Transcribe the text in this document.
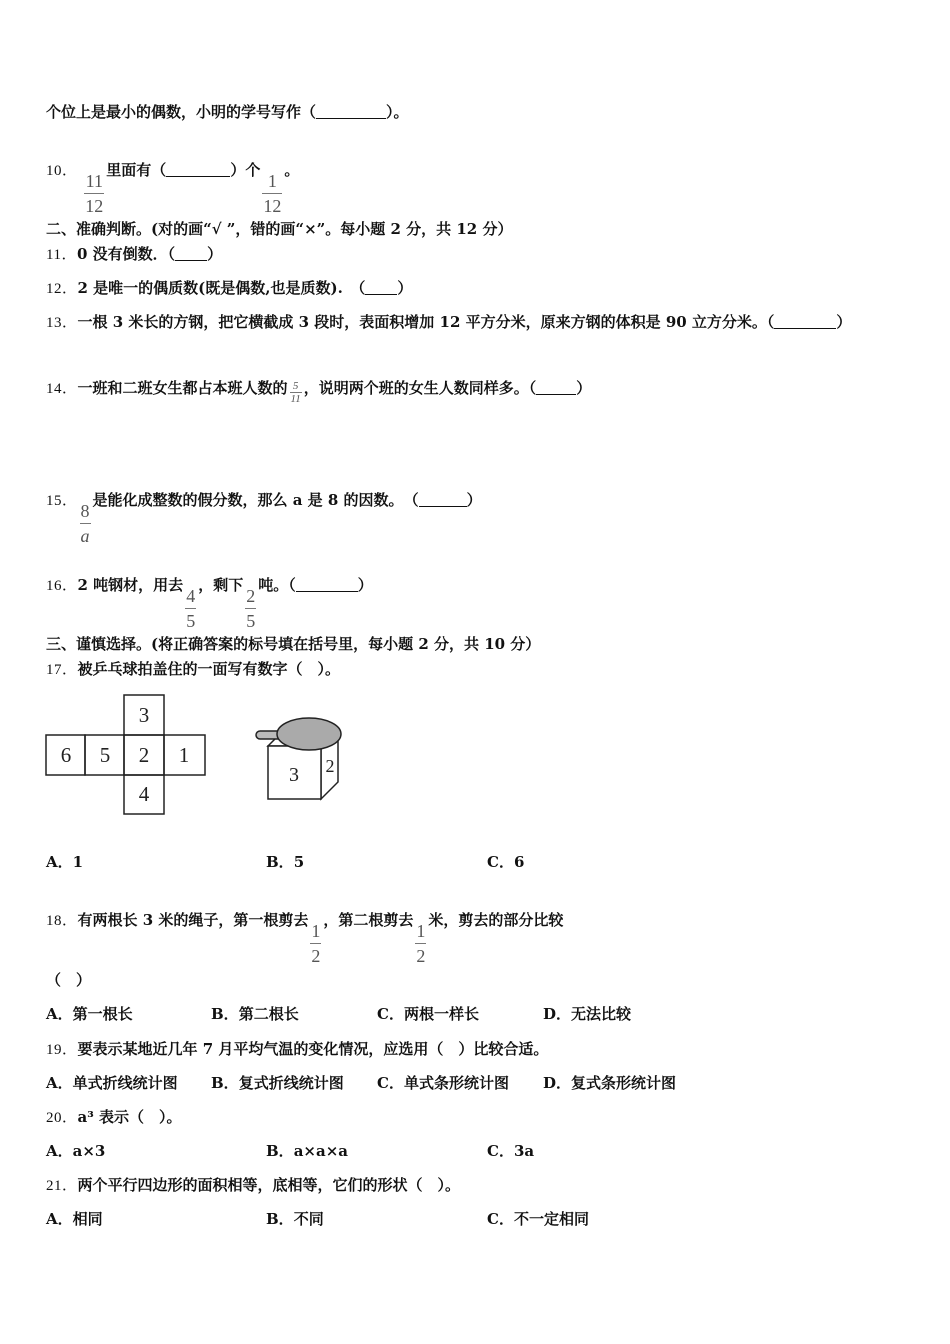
个位上是最小的偶数，小明的学号写作（	）。
10． $\frac{11}{12}$
里面有（	）个
$\frac{1}{12}$
。
二、准确判断。(对的画“√ ”，错的画“×”。每小题 2 分，共 12 分）
11．0 没有倒数．（ ）
12．2 是唯一的偶质数(既是偶数,也是质数).　（ ）
13．一根 3 米长的方钢，把它横截成 3 段时，表面积增加 12 平方分米，原来方钢的体积是 90 立方分米。（	）
14．一班和二班女生都占本班人数的 $\frac{5}{11}$ ，说明两个班的女生人数同样多。（	）
15． $\frac{8}{a}$
是能化成整数的假分数，那么 a 是 8 的因数。　（	）
16．2 吨钢材，用去
$\frac{4}{5}$
，剩下
$\frac{2}{5}$
吨。（	）
三、谨慎选择。(将正确答案的标号填在括号里，每小题 2 分，共 10 分）
17．被乒乓球拍盖住的一面写有数字（　）。
3
6 5 2 1
4
3 2
A．1	B．5	C．6
18．有两根长 3 米的绳子，第一根剪去
$\frac{1}{2}$
，第二根剪去
$\frac{1}{2}$
米，剪去的部分比较
（　）
A．第一根长	B．第二根长	C．两根一样长	D．无法比较
19．要表示某地近几年 7 月平均气温的变化情况，应选用（　）比较合适。
A．单式折线统计图 B．复式折线统计图 C．单式条形统计图 D．复式条形统计图
20．a³ 表示（　）。
A．a×3	B．a×a×a	C．3a
21．两个平行四边形的面积相等，底相等，它们的形状（　）。
A．相同	B．不同	C．不一定相同
